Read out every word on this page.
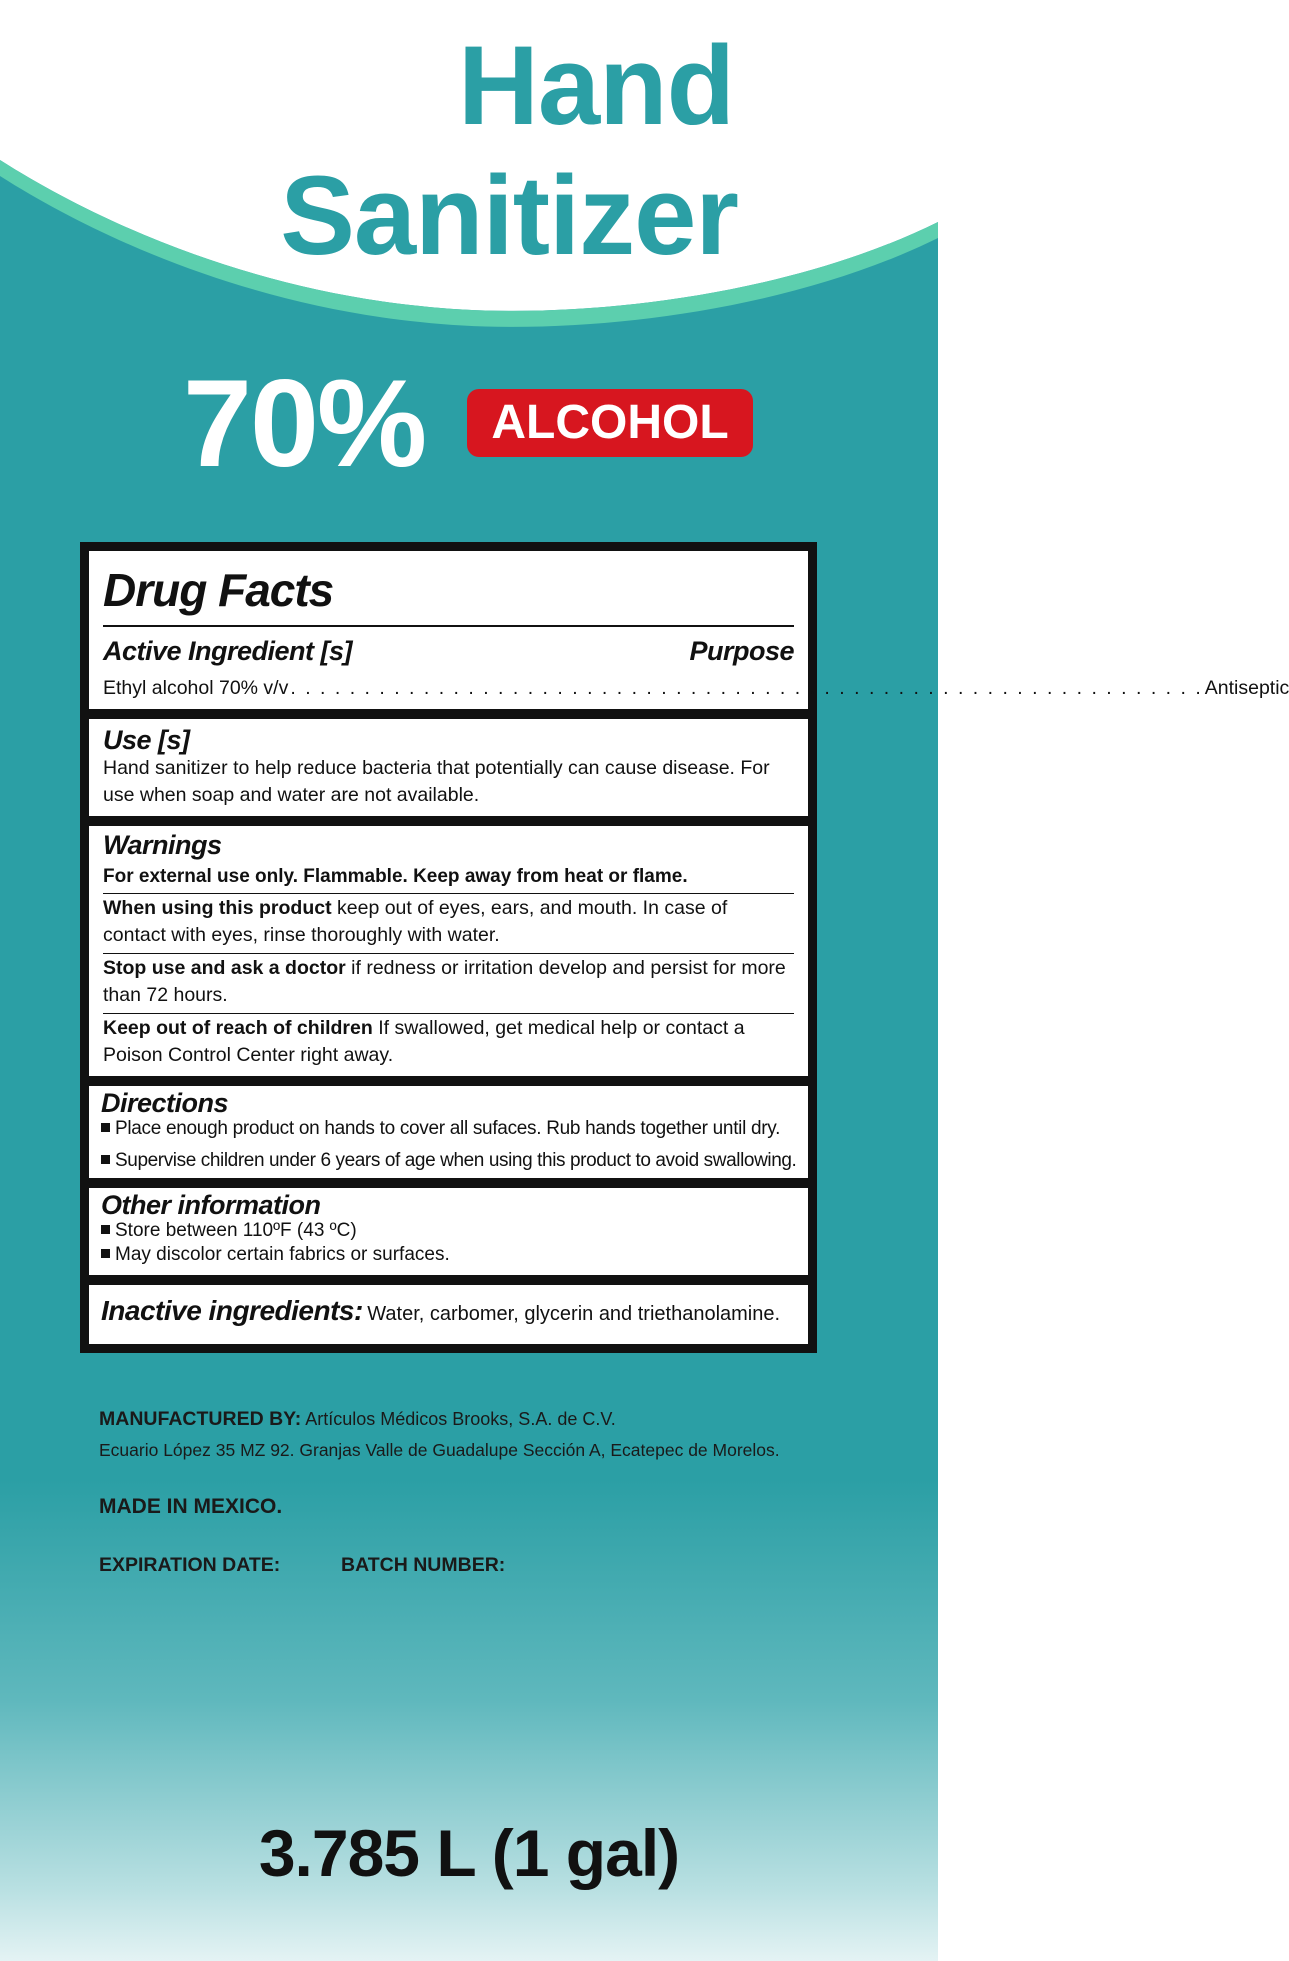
Hand
Sanitizer
70%	ALCOHOL
Drug Facts
Active Ingredient [s]	Purpose
Ethyl alcohol 70% v/v . . . . . . . . . . . . . . . . . . . . . . . . . . . . . . . . . . . . . . . . . . . . . . . . . . . . . . . . . . . . . . Antiseptic
Use [s]
Hand sanitizer to help reduce bacteria that potentially can cause disease. For use when soap and water are not available.
Warnings
For external use only. Flammable. Keep away from heat or flame.
When using this product keep out of eyes, ears, and mouth. In case of contact with eyes, rinse thoroughly with water.
Stop use and ask a doctor if redness or irritation develop and persist for more than 72 hours.
Keep out of reach of children If swallowed, get medical help or contact a Poison Control Center right away.
Directions
Place enough product on hands to cover all sufaces. Rub hands together until dry.
Supervise children under 6 years of age when using this product to avoid swallowing.
Other information
Store between 110ºF (43 ºC)
May discolor certain fabrics or surfaces.
Inactive ingredients: Water, carbomer, glycerin and triethanolamine.
MANUFACTURED BY: Artículos Médicos Brooks, S.A. de C.V.
Ecuario López 35 MZ 92. Granjas Valle de Guadalupe Sección A, Ecatepec de Morelos.
MADE IN MEXICO.
EXPIRATION DATE:	BATCH NUMBER:
3.785 L (1 gal)
